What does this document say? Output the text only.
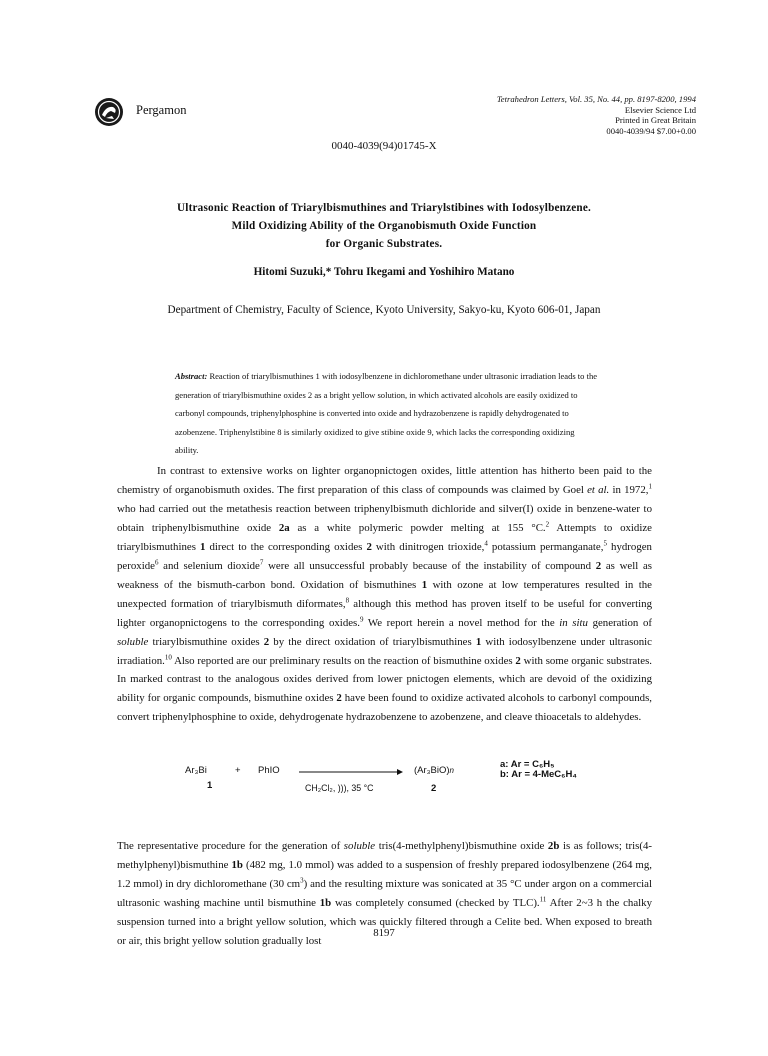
Pergamon
Tetrahedron Letters, Vol. 35, No. 44, pp. 8197-8200, 1994
Elsevier Science Ltd
Printed in Great Britain
0040-4039/94 $7.00+0.00
0040-4039(94)01745-X
Ultrasonic Reaction of Triarylbismuthines and Triarylstibines with Iodosylbenzene.
Mild Oxidizing Ability of the Organobismuth Oxide Function
for Organic Substrates.
Hitomi Suzuki,* Tohru Ikegami and Yoshihiro Matano
Department of Chemistry, Faculty of Science, Kyoto University, Sakyo-ku, Kyoto 606-01, Japan
Abstract: Reaction of triarylbismuthines 1 with iodosylbenzene in dichloromethane under ultrasonic irradiation leads to the generation of triarylbismuthine oxides 2 as a bright yellow solution, in which activated alcohols are easily oxidized to carbonyl compounds, triphenylphosphine is converted into oxide and hydrazobenzene is rapidly dehydrogenated to azobenzene. Triphenylstibine 8 is similarly oxidized to give stibine oxide 9, which lacks the corresponding oxidizing ability.

In contrast to extensive works on lighter organopnictogen oxides, little attention has hitherto been paid to the chemistry of organobismuth oxides. The first preparation of this class of compounds was claimed by Goel et al. in 1972,$^1$ who had carried out the metathesis reaction between triphenylbismuth dichloride and silver(I) oxide in benzene-water to obtain triphenylbismuthine oxide 2a as a white polymeric powder melting at 155 °C.$^2$ Attempts to oxidize triarylbismuthines 1 direct to the corresponding oxides 2 with dinitrogen trioxide,$^4$ potassium permanganate,$^5$ hydrogen peroxide$^6$ and selenium dioxide$^7$ were all unsuccessful probably because of the instability of compound 2 as well as weakness of the bismuth-carbon bond. Oxidation of bismuthines 1 with ozone at low temperatures resulted in the unexpected formation of triarylbismuth diformates,$^8$ although this method has proven itself to be useful for converting lighter organopnictogens to the corresponding oxides.$^9$ We report herein a novel method for the in situ generation of soluble triarylbismuthine oxides 2 by the direct oxidation of triarylbismuthines 1 with iodosylbenzene under ultrasonic irradiation.$^{10}$ Also reported are our preliminary results on the reaction of bismuthine oxides 2 with some organic substrates. In marked contrast to the analogous oxides derived from lower pnictogen elements, which are devoid of the oxidizing ability for organic compounds, bismuthine oxides 2 have been found to oxidize activated alcohols to carbonyl compounds, convert triphenylphosphine to oxide, dehydrogenate hydrazobenzene to azobenzene, and cleave thioacetals to aldehydes.

Ar₃Bi	+ PhIO
CH₂Cl₂, ))), 35 °C
(Ar₃BiO)n
1	2
a: Ar = C₆H₅
b: Ar = 4-MeC₆H₄
The representative procedure for the generation of soluble tris(4-methylphenyl)bismuthine oxide 2b is as follows; tris(4-methylphenyl)bismuthine 1b (482 mg, 1.0 mmol) was added to a suspension of freshly prepared iodosylbenzene (264 mg, 1.2 mmol) in dry dichloromethane (30 $cm^3$) and the resulting mixture was sonicated at 35 °C under argon on a commercial ultrasonic washing machine until bismuthine 1b was completely consumed (checked by TLC).$^{11}$ After 2~3 h the chalky suspension turned into a bright yellow solution, which was quickly filtered through a Celite bed. When exposed to breath or air, this bright yellow solution gradually lost
8197
